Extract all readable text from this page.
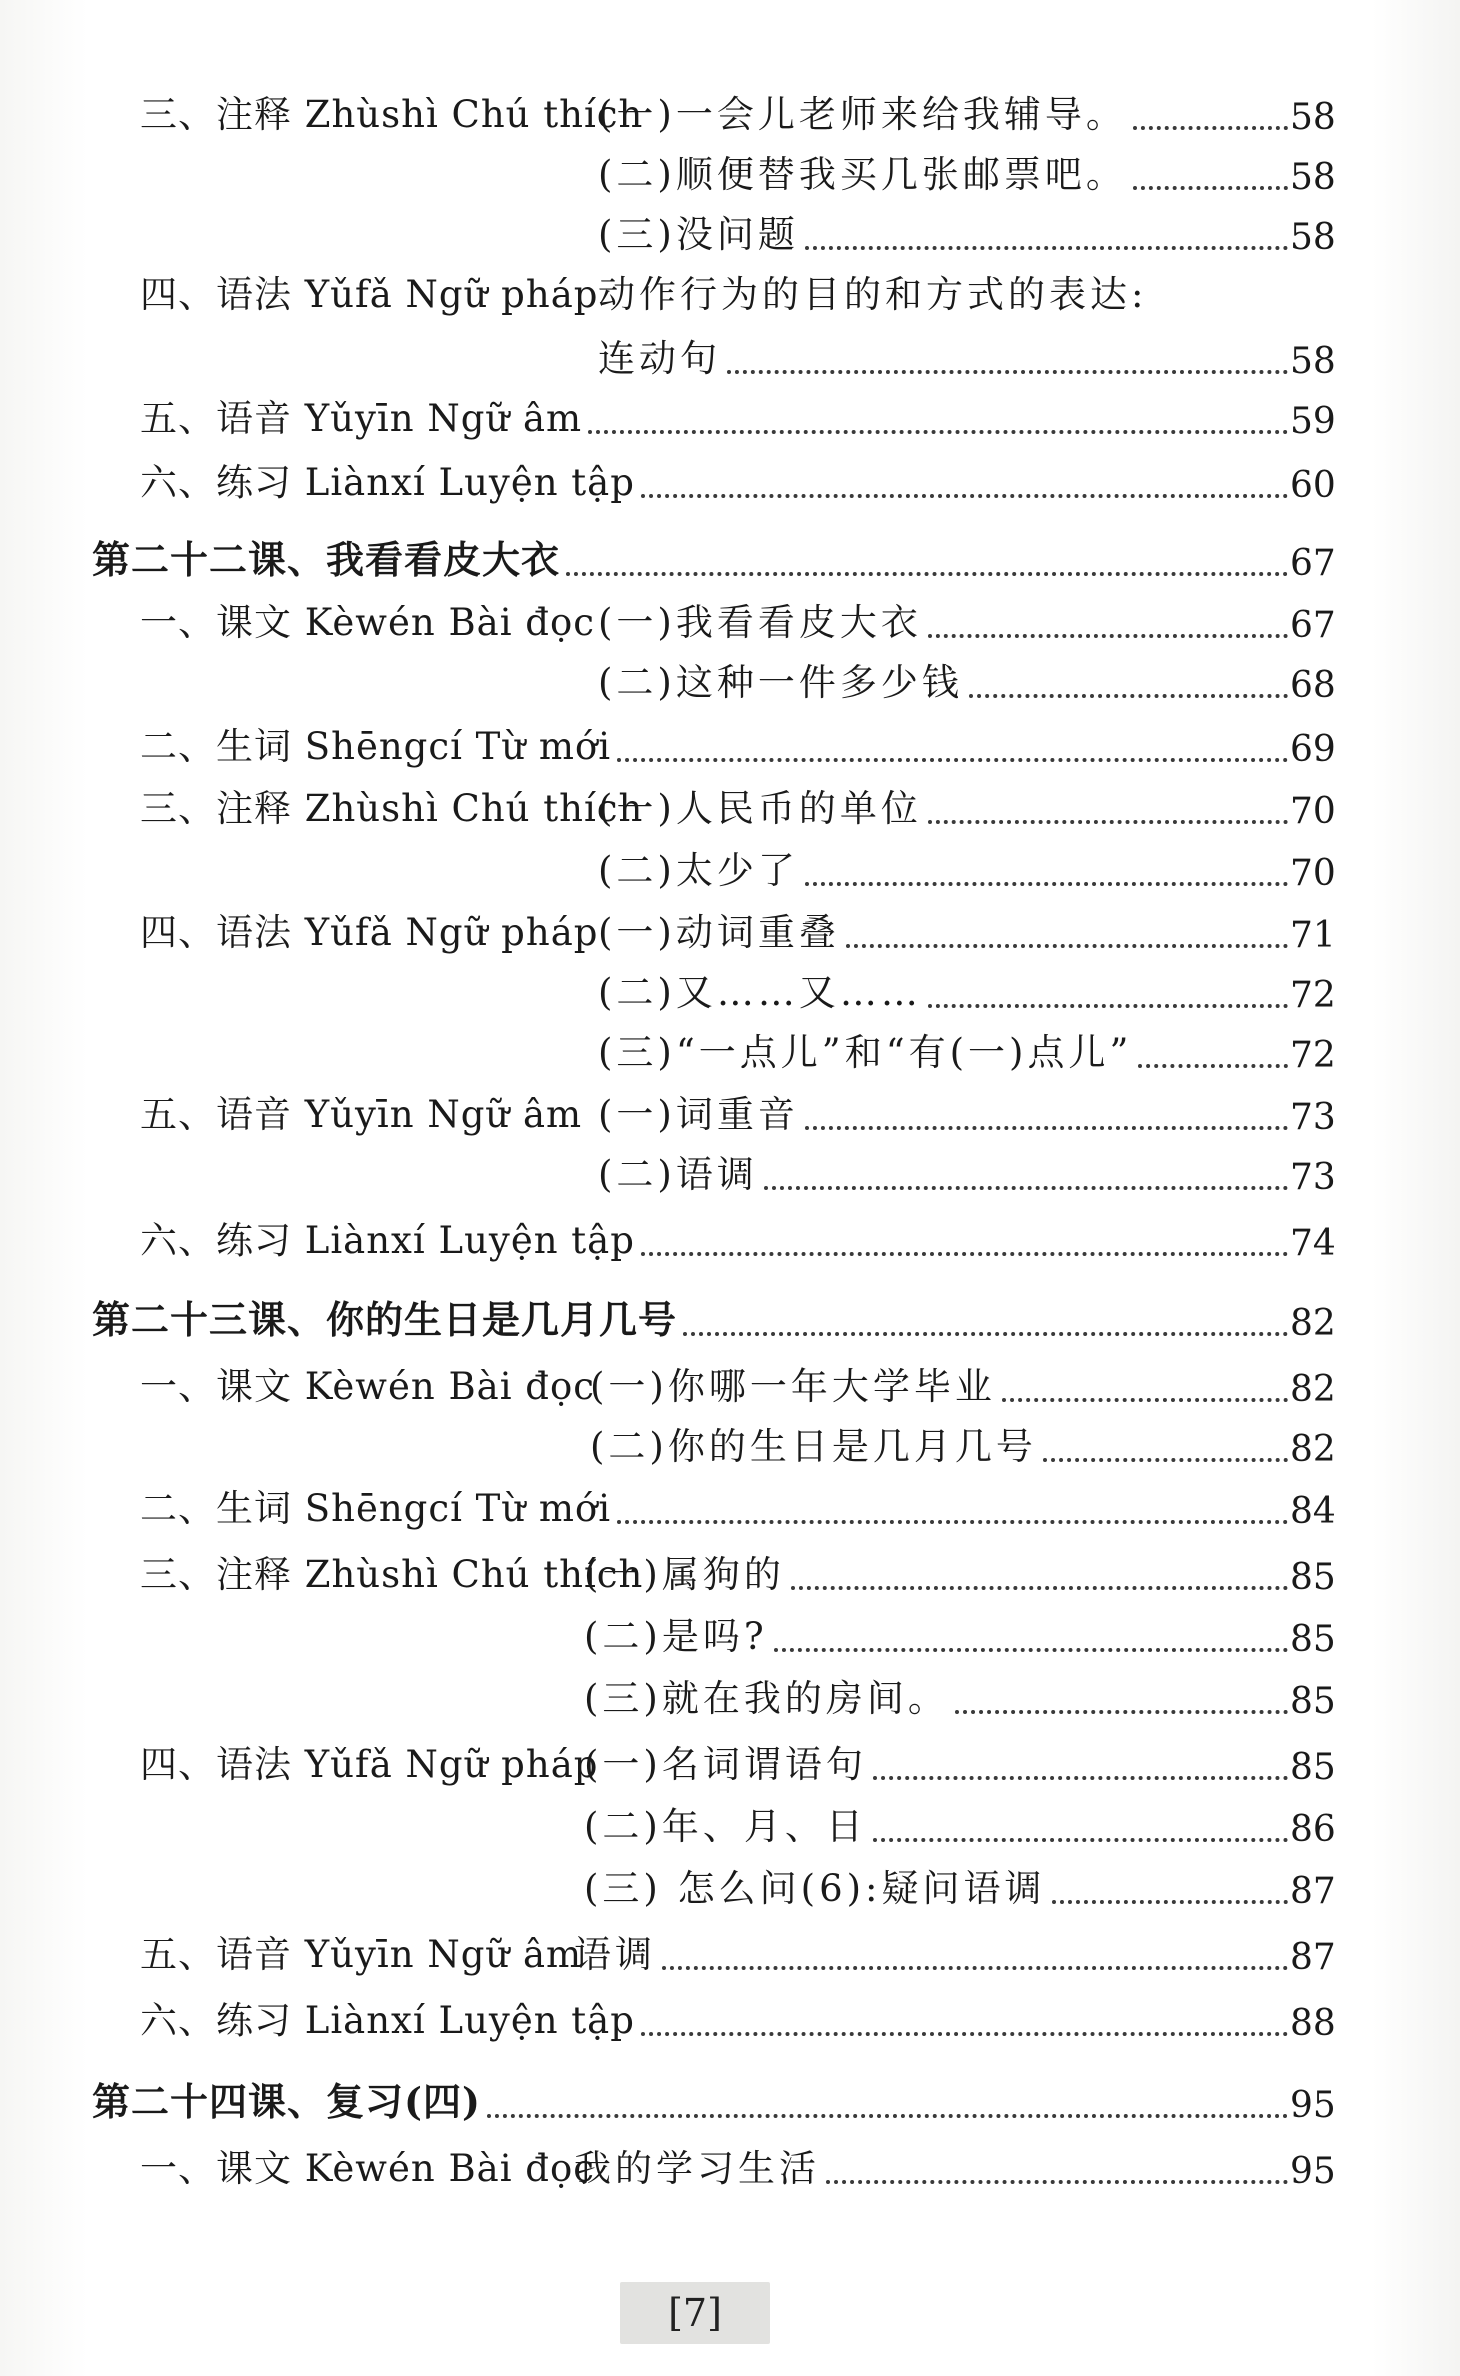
三、注释 Zhùshì Chú thích
(一)一会儿老师来给我辅导。	58
(二)顺便替我买几张邮票吧。	58
(三)没问题	58
四、语法 Yǔfǎ Ngữ pháp 动作行为的目的和方式的表达:
连动句	58
五、语音 Yǔyīn Ngữ âm	59
六、练习 Liànxí Luyện tập	60
第二十二课、我看看皮大衣	67
一、课文 Kèwén Bài đọc (一)我看看皮大衣	67
(二)这种一件多少钱	68
二、生词 Shēngcí Từ mới	69
三、注释 Zhùshì Chú thích
(一)人民币的单位	70
(二)太少了	70
四、语法 Yǔfǎ Ngữ pháp (一)动词重叠	71
(二)又……又……	72
(三)“一点儿”和“有(一)点儿”	72
五、语音 Yǔyīn Ngữ âm (一)词重音	73
(二)语调	73
六、练习 Liànxí Luyện tập	74
第二十三课、你的生日是几月几号	82
一、课文 Kèwén Bài đọc
(一)你哪一年大学毕业	82
(二)你的生日是几月几号	82
二、生词 Shēngcí Từ mới	84
三、注释 Zhùshì Chú thích
(一)属狗的	85
(二)是吗?	85
(三)就在我的房间。	85
四、语法 Yǔfǎ Ngữ pháp
(一)名词谓语句	85
(二)年、月、日	86
(三) 怎么问(6):疑问语调	87
五、语音 Yǔyīn Ngữ âm
语调	87
六、练习 Liànxí Luyện tập	88
第二十四课、复习(四)	95
一、课文 Kèwén Bài đọc
我的学习生活	95
[7]
